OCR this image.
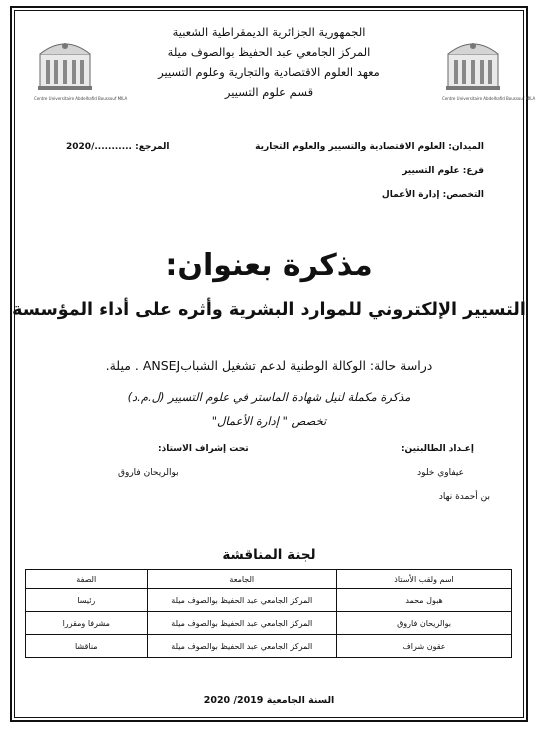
Centre Universitaire Abdelhafid Boussouf MILA
Centre Universitaire Abdelhafid Boussouf MILA
الجمهورية الجزائرية الديمقراطية الشعبية
المركز الجامعي عبد الحفيظ بوالصوف ميلة
معهد العلوم الاقتصادية والتجارية وعلوم التسيير
قسم علوم التسيير
الميدان: العلوم الاقتصادية والتسيير والعلوم التجارية
فرع: علوم التسيير
التخصص: إدارة الأعمال
المرجع: .........../2020
مذكرة بعنوان:
التسيير الإلكتروني للموارد البشرية وأثره على أداء المؤسسة
دراسة حالة: الوكالة الوطنية لدعم تشغيل الشبابANSEJ . ميلة.
مذكرة مكملة لنيل شهادة الماستر في علوم التسيير (ل.م.د)
تخصص " إدارة الأعمال"
إعـداد الطالبتين:
عيفاوي خلود
بن أحمدة نهاد
تحت إشراف الاستاذ:
بوالريحان فاروق
لجنة المناقشة
اسم ولقب الأستاذ	الجامعة	الصفة
هبول محمد	المركز الجامعي عبد الحفيظ بوالصوف ميلة	رئيسا
بوالريحان فاروق	المركز الجامعي عبد الحفيظ بوالصوف ميلة	مشرفا ومقررا
عقون شراف	المركز الجامعي عبد الحفيظ بوالصوف ميلة	مناقشا
السنة الجامعية 2019/ 2020
